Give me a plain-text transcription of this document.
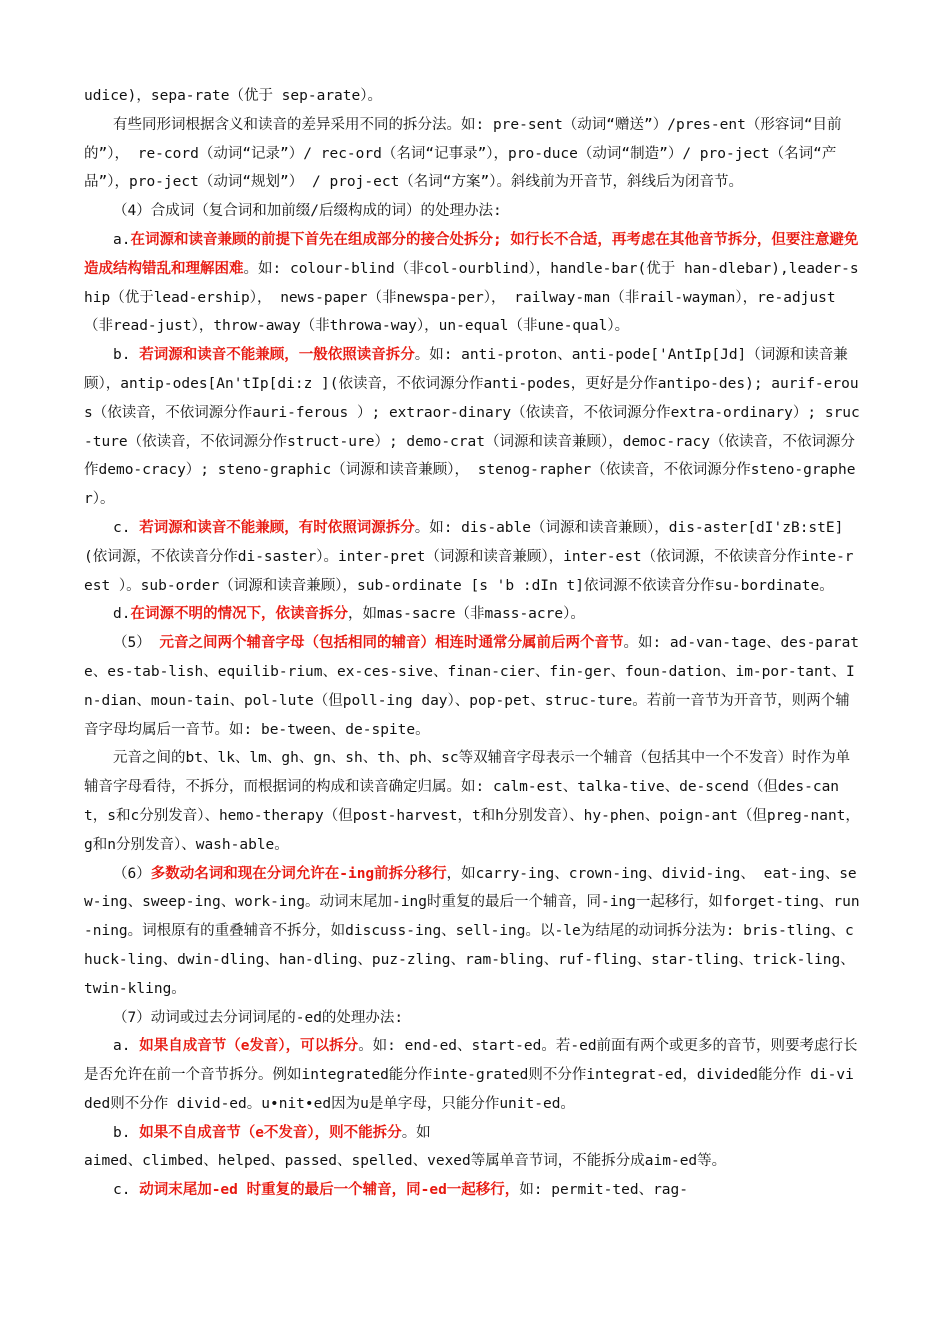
udice)，sepa-rate（优于 sep-arate）。

有些同形词根据含义和读音的差异采用不同的拆分法。如: pre-sent（动词“赠送”）/pres-ent（形容词“目前的”）， re-cord（动词“记录”）/ rec-ord（名词“记事录”），pro-duce（动词“制造”）/ pro-ject（名词“产品”），pro-ject（动词“规划”） / proj-ect（名词“方案”）。斜线前为开音节，斜线后为闭音节。

（4）合成词（复合词和加前缀/后缀构成的词）的处理办法:

a.在词源和读音兼顾的前提下首先在组成部分的接合处拆分; 如行长不合适，再考虑在其他音节拆分，但要注意避免造成结构错乱和理解困难。如: colour-blind（非col-ourblind），handle-bar(优于 han-dlebar),leader-ship（优于lead-ership）， news-paper（非newspa-per）， railway-man（非rail-wayman），re-adjust（非read-just），throw-away（非throwa-way），un-equal（非une-qual）。

b. 若词源和读音不能兼顾，一般依照读音拆分。如: anti-proton、anti-pode['AntIp[Jd]（词源和读音兼顾），antip-odes[An'tIp[di:z ](依读音，不依词源分作anti-podes，更好是分作antipo-des); aurif-erous（依读音，不依词源分作auri-ferous ）; extraor-dinary（依读音，不依词源分作extra-ordinary）; sruc-ture（依读音，不依词源分作struct-ure）; demo-crat（词源和读音兼顾），democ-racy（依读音，不依词源分作demo-cracy）; steno-graphic（词源和读音兼顾）， stenog-rapher（依读音，不依词源分作steno-grapher）。

c. 若词源和读音不能兼顾，有时依照词源拆分。如: dis-able（词源和读音兼顾），dis-aster[dI'zB:stE](依词源，不依读音分作di-saster）。inter-pret（词源和读音兼顾），inter-est（依词源，不依读音分作inte-rest ）。sub-order（词源和读音兼顾），sub-ordinate [s 'b :dIn t]依词源不依读音分作su-bordinate。

d.在词源不明的情况下，依读音拆分，如mas-sacre（非mass-acre）。

（5） 元音之间两个辅音字母（包括相同的辅音）相连时通常分属前后两个音节。如: ad-van-tage、des-parate、es-tab-lish、equilib-rium、ex-ces-sive、finan-cier、fin-ger、foun-dation、im-por-tant、In-dian、moun-tain、pol-lute（但poll-ing day）、pop-pet、struc-ture。若前一音节为开音节，则两个辅音字母均属后一音节。如: be-tween、de-spite。

元音之间的bt、lk、lm、gh、gn、sh、th、ph、sc等双辅音字母表示一个辅音（包括其中一个不发音）时作为单辅音字母看待，不拆分，而根据词的构成和读音确定归属。如: calm-est、talka-tive、de-scend（但des-cant，s和c分别发音）、hemo-therapy（但post-harvest，t和h分别发音）、hy-phen、poign-ant（但preg-nant，g和n分别发音）、wash-able。

（6）多数动名词和现在分词允许在-ing前拆分移行，如carry-ing、crown-ing、divid-ing、 eat-ing、sew-ing、sweep-ing、work-ing。动词末尾加-ing时重复的最后一个辅音，同-ing一起移行，如forget-ting、run-ning。词根原有的重叠辅音不拆分，如discuss-ing、sell-ing。以-le为结尾的动词拆分法为: bris-tling、chuck-ling、dwin-dling、han-dling、puz-zling、ram-bling、ruf-fling、star-tling、trick-ling、twin-kling。

（7）动词或过去分词词尾的-ed的处理办法:

a. 如果自成音节（e发音），可以拆分。如: end-ed、start-ed。若-ed前面有两个或更多的音节，则要考虑行长是否允许在前一个音节拆分。例如integrated能分作inte-grated则不分作integrat-ed，divided能分作 di-vided则不分作 divid-ed。u•nit•ed因为u是单字母，只能分作unit-ed。

b. 如果不自成音节（e不发音），则不能拆分。如

aimed、climbed、helped、passed、spelled、vexed等属单音节词，不能拆分成aim-ed等。

c. 动词末尾加-ed 时重复的最后一个辅音，同-ed一起移行，如: permit-ted、rag-
